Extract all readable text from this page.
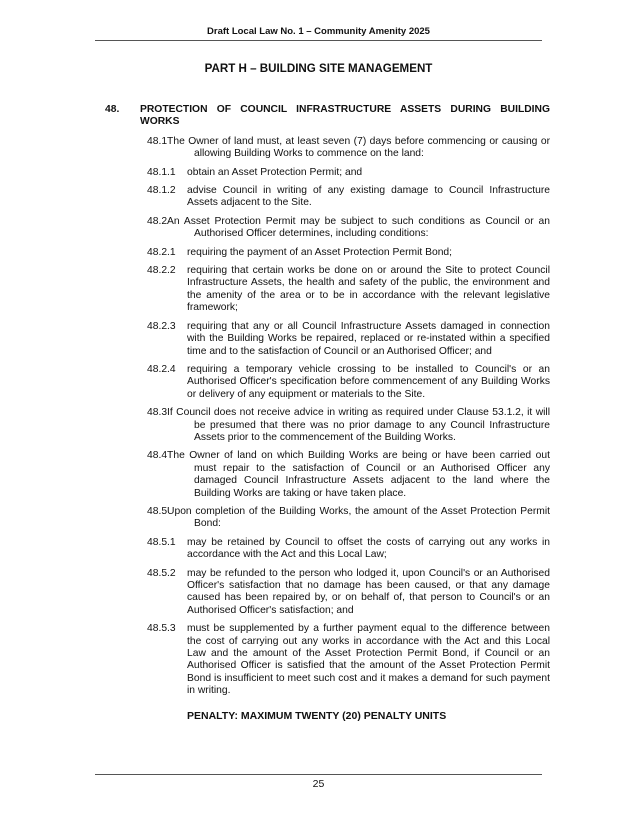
Draft Local Law No. 1 – Community Amenity 2025
PART H – BUILDING SITE MANAGEMENT
48.	PROTECTION OF COUNCIL INFRASTRUCTURE ASSETS DURING BUILDING WORKS
48.1The Owner of land must, at least seven (7) days before commencing or causing or allowing Building Works to commence on the land:
48.1.1	obtain an Asset Protection Permit; and
48.1.2	advise Council in writing of any existing damage to Council Infrastructure Assets adjacent to the Site.
48.2An Asset Protection Permit may be subject to such conditions as Council or an Authorised Officer determines, including conditions:
48.2.1	requiring the payment of an Asset Protection Permit Bond;
48.2.2	requiring that certain works be done on or around the Site to protect Council Infrastructure Assets, the health and safety of the public, the environment and the amenity of the area or to be in accordance with the relevant legislative framework;
48.2.3	requiring that any or all Council Infrastructure Assets damaged in connection with the Building Works be repaired, replaced or re-instated within a specified time and to the satisfaction of Council or an Authorised Officer; and
48.2.4	requiring a temporary vehicle crossing to be installed to Council's or an Authorised Officer's specification before commencement of any Building Works or delivery of any equipment or materials to the Site.
48.3If Council does not receive advice in writing as required under Clause 53.1.2, it will be presumed that there was no prior damage to any Council Infrastructure Assets prior to the commencement of the Building Works.
48.4The Owner of land on which Building Works are being or have been carried out must repair to the satisfaction of Council or an Authorised Officer any damaged Council Infrastructure Assets adjacent to the land where the Building Works are taking or have taken place.
48.5Upon completion of the Building Works, the amount of the Asset Protection Permit Bond:
48.5.1	may be retained by Council to offset the costs of carrying out any works in accordance with the Act and this Local Law;
48.5.2	may be refunded to the person who lodged it, upon Council's or an Authorised Officer's satisfaction that no damage has been caused, or that any damage caused has been repaired by, or on behalf of, that person to Council's or an Authorised Officer's satisfaction; and
48.5.3	must be supplemented by a further payment equal to the difference between the cost of carrying out any works in accordance with the Act and this Local Law and the amount of the Asset Protection Permit Bond, if Council or an Authorised Officer is satisfied that the amount of the Asset Protection Permit Bond is insufficient to meet such cost and it makes a demand for such payment in writing.
PENALTY: MAXIMUM TWENTY (20) PENALTY UNITS
25
